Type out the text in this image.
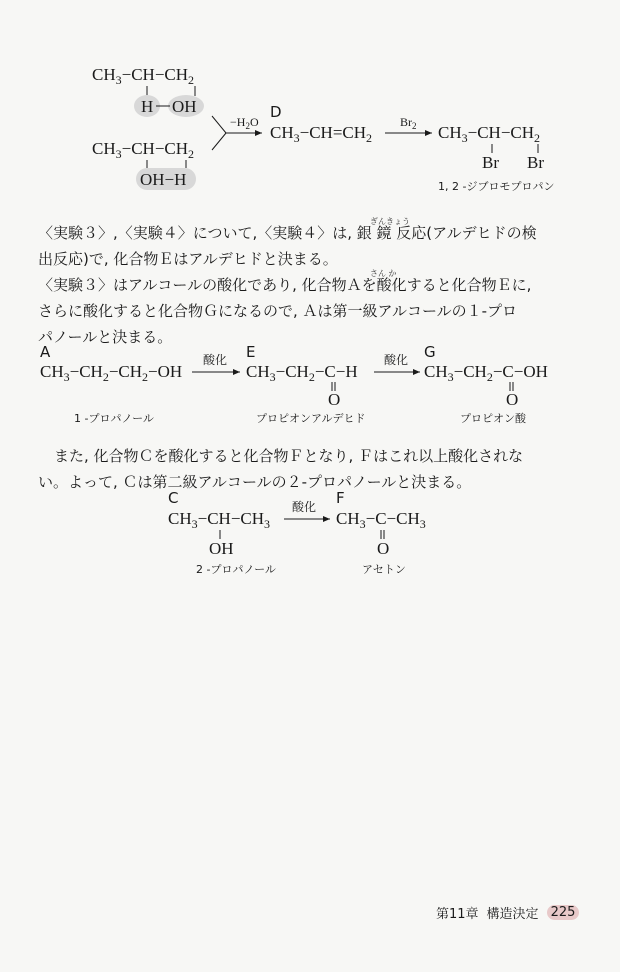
$CH_3-CH-CH_2$
H OH
$CH_3-CH-CH_2$
OH−H
$-H_2O$
D
$CH_3-CH=CH_2$
$Br_2$ $CH_3-CH-CH_2$
Br Br
1, 2 -ジブロモプロパン
A
$CH_3-CH_2-CH_2-OH$
酸化 E
$CH_3-CH_2-C-H$
O
酸化 G
$CH_3-CH_2-C-OH$
O
1 -プロパノール	プロピオンアルデヒド	プロピオン酸
C
$CH_3-CH-CH_3$
OH
酸化 F
$CH_3-C-CH_3$
O
2 -プロパノール	アセトン
ぎんきょう
〈実験３〉,〈実験４〉について,〈実験４〉は, 銀 鏡 反応(アルデヒドの検
出反応)で, 化合物Ｅはアルデヒドと決まる。
さん か
〈実験３〉はアルコールの酸化であり, 化合物Ａを酸化すると化合物Ｅに,
さらに酸化すると化合物Ｇになるので, Ａは第一級アルコールの１-プロ
パノールと決まる。
また, 化合物Ｃを酸化すると化合物Ｆとなり, Ｆはこれ以上酸化されな
い。よって, Ｃは第二級アルコールの２-プロパノールと決まる。
第11章 構造決定 225
